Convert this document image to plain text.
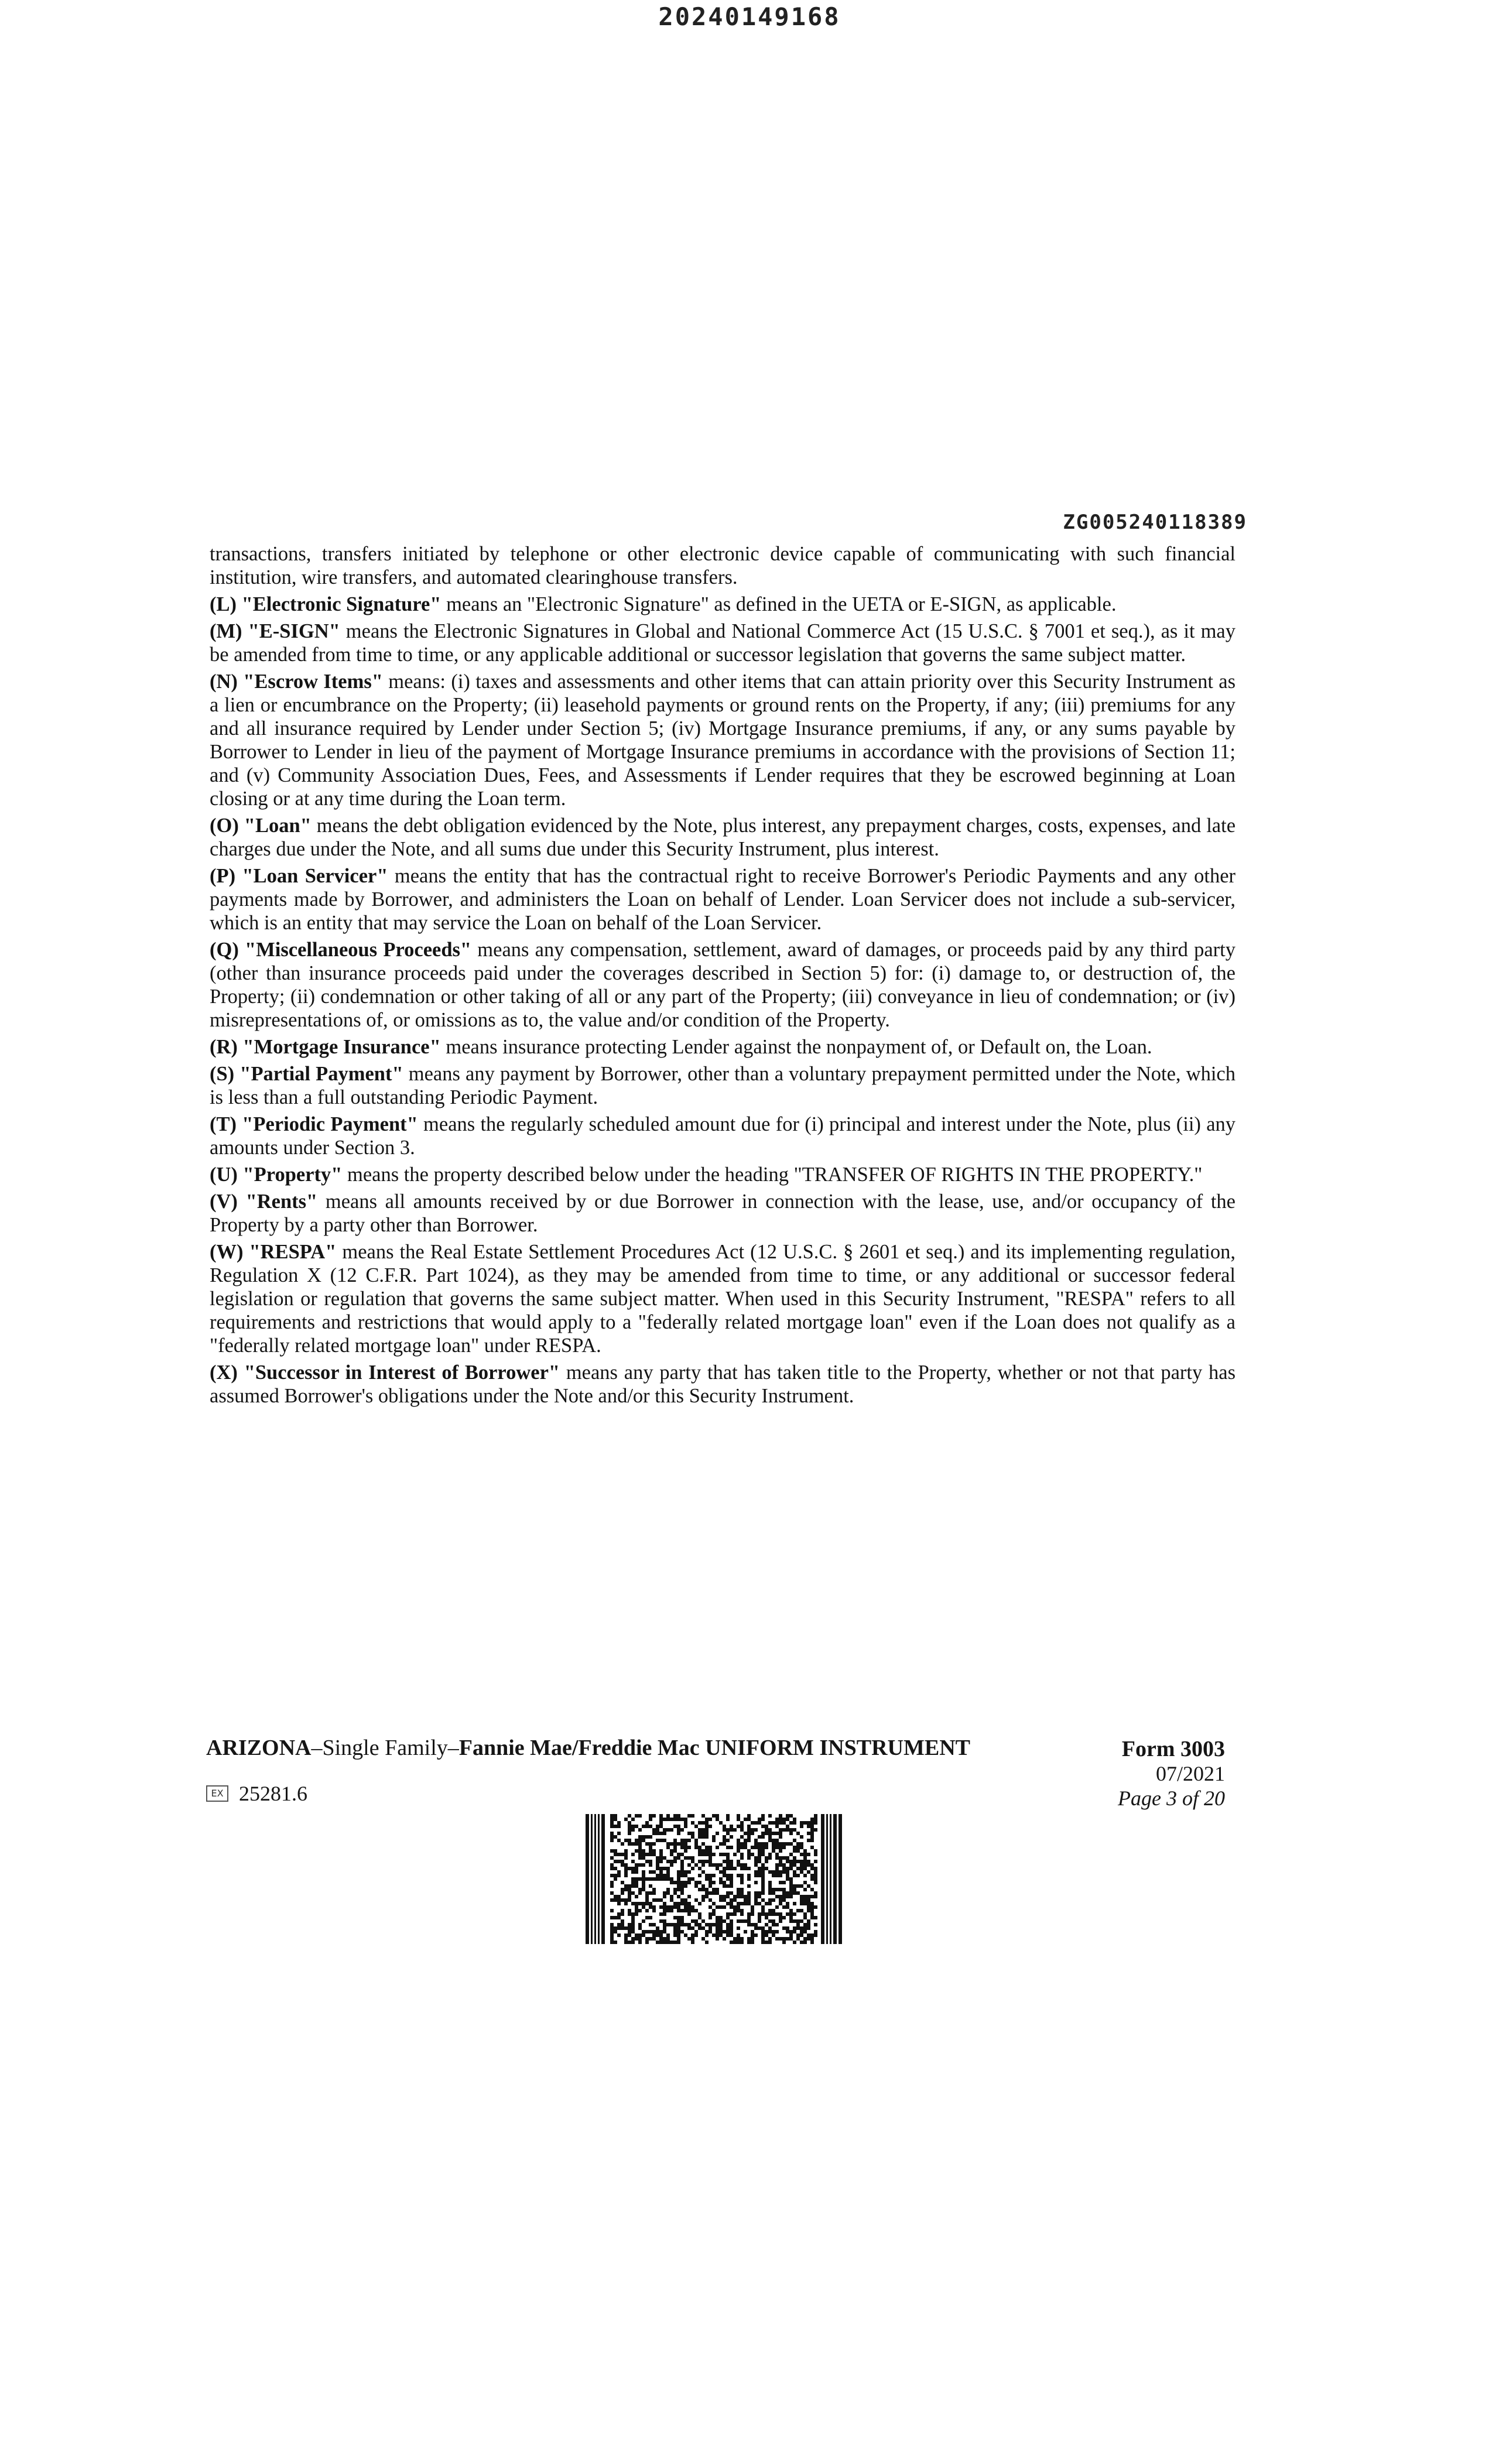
20240149168
ZG005240118389

transactions, transfers initiated by telephone or other electronic device capable of communicating with such financial institution, wire transfers, and automated clearinghouse transfers.

(L) "Electronic Signature" means an "Electronic Signature" as defined in the UETA or E-SIGN, as applicable.

(M) "E-SIGN" means the Electronic Signatures in Global and National Commerce Act (15 U.S.C. § 7001 et seq.), as it may be amended from time to time, or any applicable additional or successor legislation that governs the same subject matter.

(N) "Escrow Items" means: (i) taxes and assessments and other items that can attain priority over this Security Instrument as a lien or encumbrance on the Property; (ii) leasehold payments or ground rents on the Property, if any; (iii) premiums for any and all insurance required by Lender under Section 5; (iv) Mortgage Insurance premiums, if any, or any sums payable by Borrower to Lender in lieu of the payment of Mortgage Insurance premiums in accordance with the provisions of Section 11; and (v) Community Association Dues, Fees, and Assessments if Lender requires that they be escrowed beginning at Loan closing or at any time during the Loan term.

(O) "Loan" means the debt obligation evidenced by the Note, plus interest, any prepayment charges, costs, expenses, and late charges due under the Note, and all sums due under this Security Instrument, plus interest.

(P) "Loan Servicer" means the entity that has the contractual right to receive Borrower's Periodic Payments and any other payments made by Borrower, and administers the Loan on behalf of Lender. Loan Servicer does not include a sub-servicer, which is an entity that may service the Loan on behalf of the Loan Servicer.

(Q) "Miscellaneous Proceeds" means any compensation, settlement, award of damages, or proceeds paid by any third party (other than insurance proceeds paid under the coverages described in Section 5) for: (i) damage to, or destruction of, the Property; (ii) condemnation or other taking of all or any part of the Property; (iii) conveyance in lieu of condemnation; or (iv) misrepresentations of, or omissions as to, the value and/or condition of the Property.

(R) "Mortgage Insurance" means insurance protecting Lender against the nonpayment of, or Default on, the Loan.

(S) "Partial Payment" means any payment by Borrower, other than a voluntary prepayment permitted under the Note, which is less than a full outstanding Periodic Payment.

(T) "Periodic Payment" means the regularly scheduled amount due for (i) principal and interest under the Note, plus (ii) any amounts under Section 3.

(U) "Property" means the property described below under the heading "TRANSFER OF RIGHTS IN THE PROPERTY."

(V) "Rents" means all amounts received by or due Borrower in connection with the lease, use, and/or occupancy of the Property by a party other than Borrower.

(W) "RESPA" means the Real Estate Settlement Procedures Act (12 U.S.C. § 2601 et seq.) and its implementing regulation, Regulation X (12 C.F.R. Part 1024), as they may be amended from time to time, or any additional or successor federal legislation or regulation that governs the same subject matter. When used in this Security Instrument, "RESPA" refers to all requirements and restrictions that would apply to a "federally related mortgage loan" even if the Loan does not qualify as a "federally related mortgage loan" under RESPA.

(X) "Successor in Interest of Borrower" means any party that has taken title to the Property, whether or not that party has assumed Borrower's obligations under the Note and/or this Security Instrument.

ARIZONA–Single Family–Fannie Mae/Freddie Mac UNIFORM INSTRUMENT	Form 3003
07/2021
Page 3 of 20
EX 25281.6
